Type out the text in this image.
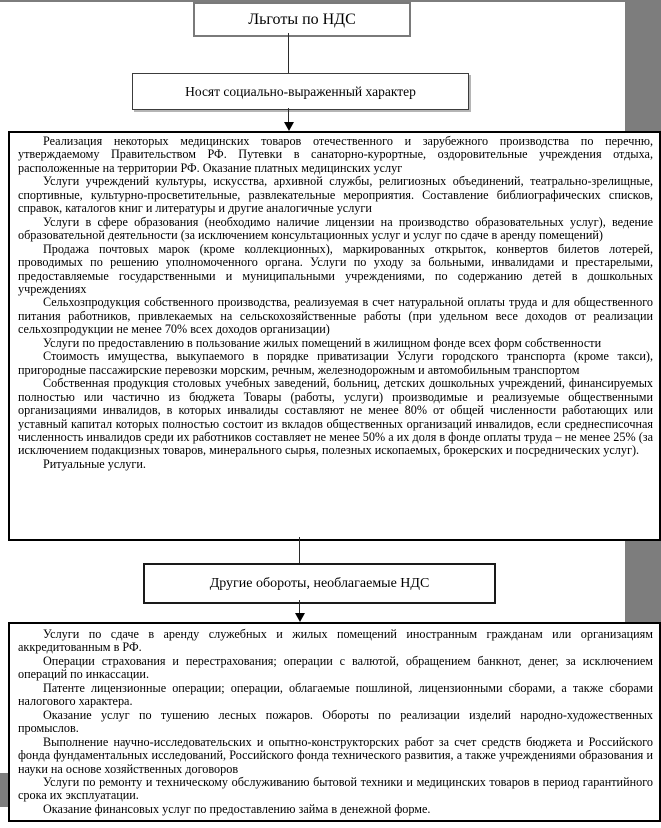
Льготы по НДС
Носят социально-выраженный характер

Реализация некоторых медицинских товаров отечественного и зарубежного производства по перечню, утверждаемому Правительством РФ. Путевки в санаторно-курортные, оздоровительные учреждения отдыха, расположенные на территории РФ. Оказание платных медицинских услуг

Услуги учреждений культуры, искусства, архивной службы, религиозных объединений, театрально-зрелищные, спортивные, культурно-просветительные, развлекательные мероприятия. Составление библиографических списков, справок, каталогов книг и литературы и другие аналогичные услуги

Услуги в сфере образования (необходимо наличие лицензии на производство образовательных услуг), ведение образовательной деятельности (за исключением консультационных услуг и услуг по сдаче в аренду помещений)

Продажа почтовых марок (кроме коллекционных), маркированных открыток, конвертов билетов лотерей, проводимых по решению уполномоченного органа. Услуги по уходу за больными, инвалидами и престарелыми, предоставляемые государственными и муниципальными учреждениями, по содержанию детей в дошкольных учреждениях

Сельхозпродукция собственного производства, реализуемая в счет натуральной оплаты труда и для общественного питания работников, привлекаемых на сельскохозяйственные работы (при удельном весе доходов от реализации сельхозпродукции не менее 70% всех доходов организации)

Услуги по предоставлению в пользование жилых помещений в жилищном фонде всех форм собственности

Стоимость имущества, выкупаемого в порядке приватизации Услуги городского транспорта (кроме такси), пригородные пассажирские перевозки морским, речным, железнодорожным и автомобильным транспортом

Собственная продукция столовых учебных заведений, больниц, детских дошкольных учреждений, финансируемых полностью или частично из бюджета Товары (работы, услуги) производимые и реализуемые общественными организациями инвалидов, в которых инвалиды составляют не менее 80% от общей численности работающих или уставный капитал которых полностью состоит из вкладов общественных организаций инвалидов, если среднесписочная численность инвалидов среди их работников составляет не менее 50% а их доля в фонде оплаты труда – не менее 25% (за исключением подакцизных товаров, минерального сырья, полезных ископаемых, брокерских и посреднических услуг).

Ритуальные услуги.

Другие обороты, необлагаемые НДС

Услуги по сдаче в аренду служебных и жилых помещений иностранным гражданам или организациям аккредитованным в РФ.

Операции страхования и перестрахования; операции с валютой, обращением банкнот, денег, за исключением операций по инкассации.

Патенте лицензионные операции; операции, облагаемые пошлиной, лицензионными сборами, а также сборами налогового характера.

Оказание услуг по тушению лесных пожаров. Обороты по реализации изделий народно-художественных промыслов.

Выполнение научно-исследовательских и опытно-конструкторских работ за счет средств бюджета и Российского фонда фундаментальных исследований, Российского фонда технического развития, а также учреждениями образования и науки на основе хозяйственных договоров

Услуги по ремонту и техническому обслуживанию бытовой техники и медицинских товаров в период гарантийного срока их эксплуатации.

Оказание финансовых услуг по предоставлению займа в денежной форме.
